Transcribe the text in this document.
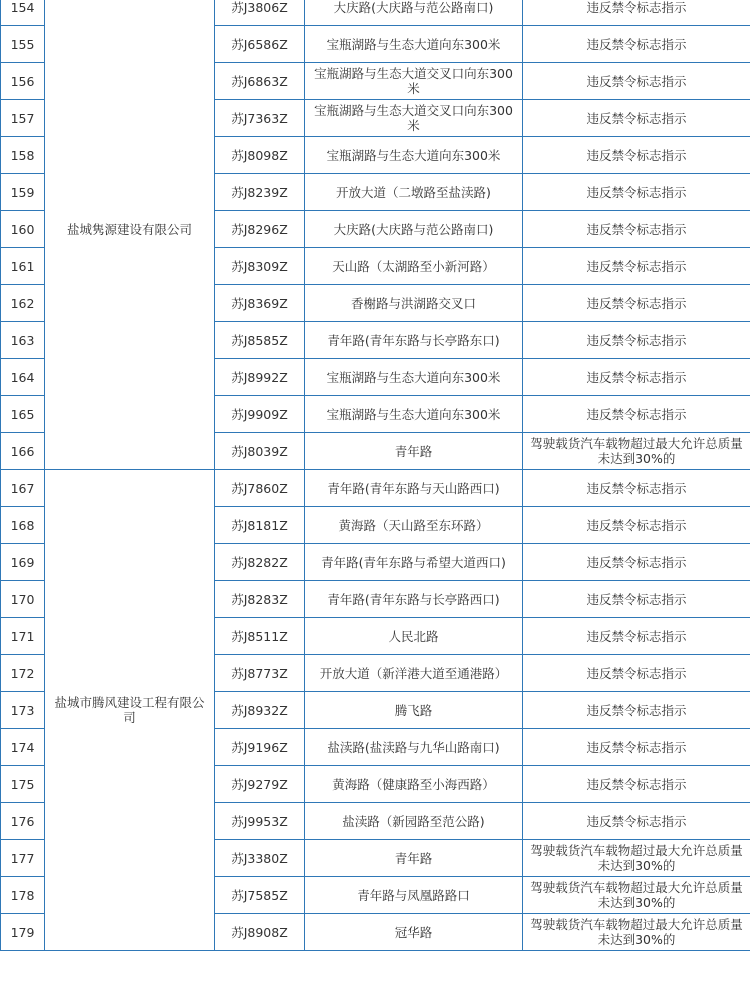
154	盐城隽源建设有限公司	苏J3806Z	大庆路(大庆路与范公路南口)	违反禁令标志指示
155		苏J6586Z	宝瓶湖路与生态大道向东300米	违反禁令标志指示
156		苏J6863Z	宝瓶湖路与生态大道交叉口向东300米	违反禁令标志指示
157		苏J7363Z	宝瓶湖路与生态大道交叉口向东300米	违反禁令标志指示
158		苏J8098Z	宝瓶湖路与生态大道向东300米	违反禁令标志指示
159		苏J8239Z	开放大道（二墩路至盐渎路)	违反禁令标志指示
160		苏J8296Z	大庆路(大庆路与范公路南口)	违反禁令标志指示
161		苏J8309Z	天山路（太湖路至小新河路）	违反禁令标志指示
162		苏J8369Z	香榭路与洪湖路交叉口	违反禁令标志指示
163		苏J8585Z	青年路(青年东路与长亭路东口)	违反禁令标志指示
164		苏J8992Z	宝瓶湖路与生态大道向东300米	违反禁令标志指示
165		苏J9909Z	宝瓶湖路与生态大道向东300米	违反禁令标志指示
166		苏J8039Z	青年路	驾驶载货汽车载物超过最大允许总质量未达到30%的
167	盐城市腾风建设工程有限公司	苏J7860Z	青年路(青年东路与天山路西口)	违反禁令标志指示
168		苏J8181Z	黄海路（天山路至东环路）	违反禁令标志指示
169		苏J8282Z	青年路(青年东路与希望大道西口)	违反禁令标志指示
170		苏J8283Z	青年路(青年东路与长亭路西口)	违反禁令标志指示
171		苏J8511Z	人民北路	违反禁令标志指示
172		苏J8773Z	开放大道（新洋港大道至通港路）	违反禁令标志指示
173		苏J8932Z	腾飞路	违反禁令标志指示
174		苏J9196Z	盐渎路(盐渎路与九华山路南口)	违反禁令标志指示
175		苏J9279Z	黄海路（健康路至小海西路）	违反禁令标志指示
176		苏J9953Z	盐渎路（新园路至范公路)	违反禁令标志指示
177		苏J3380Z	青年路	驾驶载货汽车载物超过最大允许总质量未达到30%的
178		苏J7585Z	青年路与凤凰路路口	驾驶载货汽车载物超过最大允许总质量未达到30%的
179		苏J8908Z	冠华路	驾驶载货汽车载物超过最大允许总质量未达到30%的
